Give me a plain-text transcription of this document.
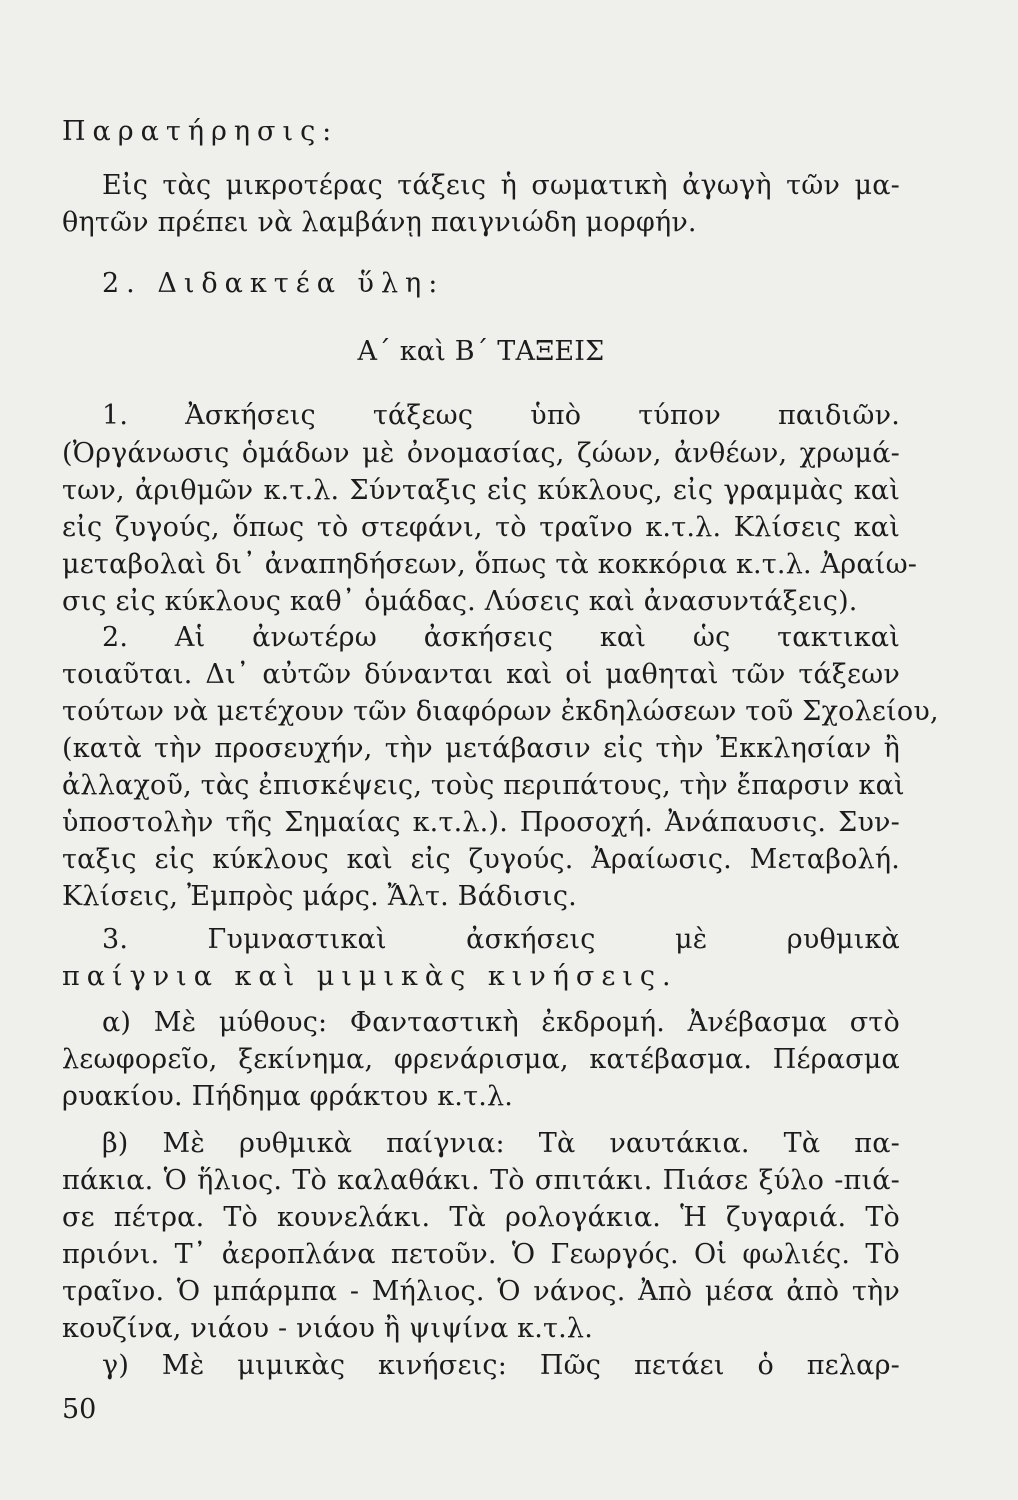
Παρατήρησις:
Εἰς τὰς μικροτέρας τάξεις ἡ σωματικὴ ἀγωγὴ τῶν μα-
θητῶν πρέπει νὰ λαμβάνῃ παιγνιώδη μορφήν.
2. Διδακτέα ὕλη:
Α΄ καὶ Β΄ ΤΑΞΕΙΣ
1. Ἀσκήσεις τάξεως ὑπὸ τύπον παιδιῶν.
(Ὀργάνωσις ὁμάδων μὲ ὀνομασίας, ζώων, ἀνθέων, χρωμά-
των, ἀριθμῶν κ.τ.λ. Σύνταξις εἰς κύκλους, εἰς γραμμὰς καὶ
εἰς ζυγούς, ὅπως τὸ στεφάνι, τὸ τραῖνο κ.τ.λ. Κλίσεις καὶ
μεταβολαὶ δι᾽ ἀναπηδήσεων, ὅπως τὰ κοκκόρια κ.τ.λ. Ἀραίω-
σις εἰς κύκλους καθ᾽ ὁμάδας. Λύσεις καὶ ἀνασυντάξεις).
2. Αἱ ἀνωτέρω ἀσκήσεις καὶ ὡς τακτικαὶ
τοιαῦται. Δι᾽ αὐτῶν δύνανται καὶ οἱ μαθηταὶ τῶν τάξεων
τούτων νὰ μετέχουν τῶν διαφόρων ἐκδηλώσεων τοῦ Σχολείου,
(κατὰ τὴν προσευχήν, τὴν μετάβασιν εἰς τὴν Ἐκκλησίαν ἢ
ἀλλαχοῦ, τὰς ἐπισκέψεις, τοὺς περιπάτους, τὴν ἔπαρσιν καὶ
ὑποστολὴν τῆς Σημαίας κ.τ.λ.). Προσοχή. Ἀνάπαυσις. Συν-
ταξις εἰς κύκλους καὶ εἰς ζυγούς. Ἀραίωσις. Μεταβολή.
Κλίσεις, Ἐμπρὸς μάρς. Ἄλτ. Βάδισις.
3. Γυμναστικαὶ ἀσκήσεις μὲ ρυθμικὰ
παίγνια καὶ μιμικὰς κινήσεις.
α) Μὲ μύθους: Φανταστικὴ ἐκδρομή. Ἀνέβασμα στὸ
λεωφορεῖο, ξεκίνημα, φρενάρισμα, κατέβασμα. Πέρασμα
ρυακίου. Πήδημα φράκτου κ.τ.λ.
β) Μὲ ρυθμικὰ παίγνια: Τὰ ναυτάκια. Τὰ πα-
πάκια. Ὁ ἥλιος. Τὸ καλαθάκι. Τὸ σπιτάκι. Πιάσε ξύλο -πιά-
σε πέτρα. Τὸ κουνελάκι. Τὰ ρολογάκια. Ἡ ζυγαριά. Τὸ
πριόνι. Τ᾽ ἀεροπλάνα πετοῦν. Ὁ Γεωργός. Οἱ φωλιές. Τὸ
τραῖνο. Ὁ μπάρμπα - Μήλιος. Ὁ νάνος. Ἀπὸ μέσα ἀπὸ τὴν
κουζίνα, νιάου - νιάου ἢ ψιψίνα κ.τ.λ.
γ) Μὲ μιμικὰς κινήσεις: Πῶς πετάει ὁ πελαρ-
50
